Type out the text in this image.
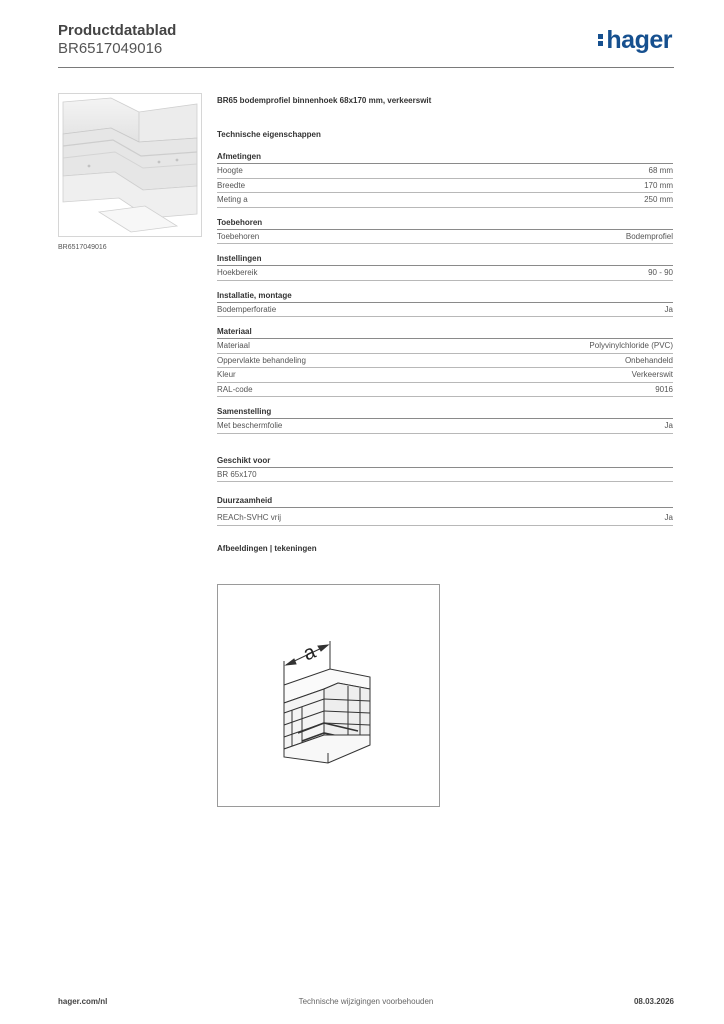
Productdatablad
BR6517049016	hager
BR6517049016
BR65 bodemprofiel binnenhoek 68x170 mm, verkeerswit
Technische eigenschappen
Afmetingen
Hoogte	68 mm
Breedte	170 mm
Meting a	250 mm
Toebehoren
Toebehoren	Bodemprofiel
Instellingen
Hoekbereik	90 - 90
Installatie, montage
Bodemperforatie	Ja
Materiaal
Materiaal	Polyvinylchloride (PVC)
Oppervlakte behandeling	Onbehandeld
Kleur	Verkeerswit
RAL-code	9016
Samenstelling
Met beschermfolie	Ja
Geschikt voor
BR 65x170
Duurzaamheid
REACh-SVHC vrij	Ja
Afbeeldingen | tekeningen
a
hager.com/nl	Technische wijzigingen voorbehouden	08.03.2026
